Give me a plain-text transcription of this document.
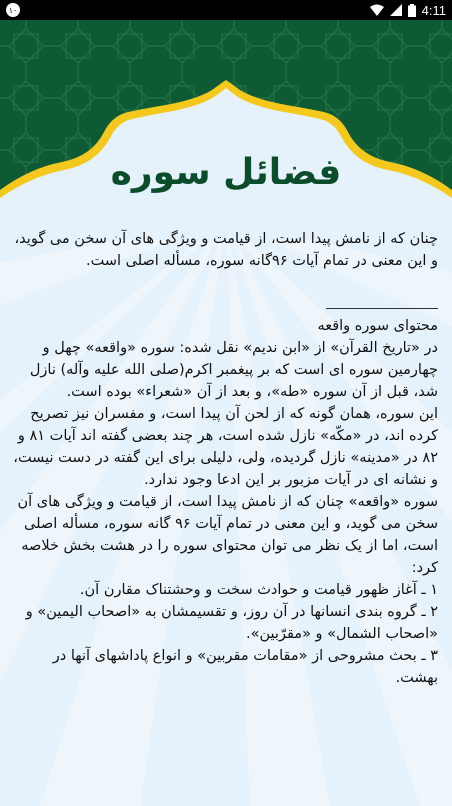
۱۰	4:11
فضائل سوره

چنان که از نامش پیدا است، از قیامت و ویژگی های آن سخن می گوید، و این معنی در تمام آیات ۹۶گانه سوره، مسأله اصلی است.

محتوای سوره واقعه

در «تاریخ القرآن» از «ابن ندیم» نقل شده: سوره «واقعه» چهل و چهارمین سوره ای است که بر پیغمبر اکرم(صلی الله علیه وآله) نازل شد، قبل از آن سوره «طه»، و بعد از آن «شعراء» بوده است.

این سوره، همان گونه که از لحن آن پیدا است، و مفسران نیز تصریح کرده اند، در «مکّه» نازل شده است، هر چند بعضی گفته اند آیات ۸۱ و ۸۲ در «مدینه» نازل گردیده، ولی، دلیلی برای این گفته در دست نیست، و نشانه ای در آیات مزبور بر این ادعا وجود ندارد.

سوره «واقعه» چنان که از نامش پیدا است، از قیامت و ویژگی های آن سخن می گوید، و این معنی در تمام آیات ۹۶ گانه سوره، مسأله اصلی است، اما از یک نظر می توان محتوای سوره را در هشت بخش خلاصه کرد:

۱ ـ آغاز ظهور قیامت و حوادث سخت و وحشتناک مقارن آن.

۲ ـ گروه بندی انسانها در آن روز، و تقسیمشان به «اصحاب الیمین» و «اصحاب الشمال» و «مقرّبین».

۳ ـ بحث مشروحی از «مقامات مقربین» و انواع پاداشهای آنها در بهشت.
